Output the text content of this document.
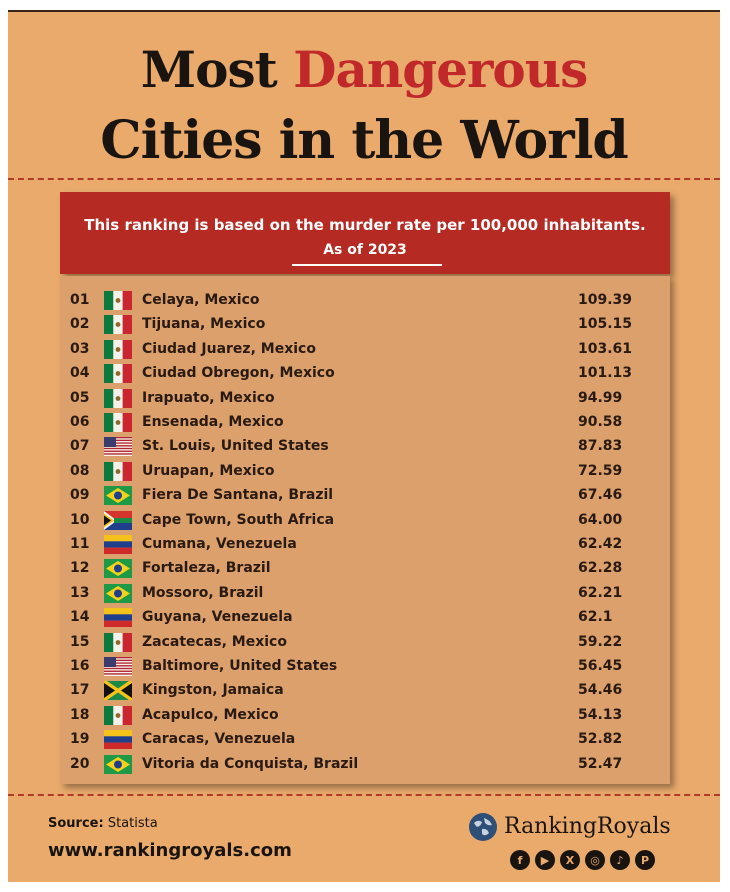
Most Dangerous
Cities in the World
This ranking is based on the murder rate per 100,000 inhabitants.
As of 2023
01	Celaya, Mexico	109.39
02	Tijuana, Mexico	105.15
03	Ciudad Juarez, Mexico	103.61
04	Ciudad Obregon, Mexico	101.13
05	Irapuato, Mexico	94.99
06	Ensenada, Mexico	90.58
07	St. Louis, United States	87.83
08	Uruapan, Mexico	72.59
09	Fiera De Santana, Brazil	67.46
10	Cape Town, South Africa	64.00
11	Cumana, Venezuela	62.42
12	Fortaleza, Brazil	62.28
13	Mossoro, Brazil	62.21
14	Guyana, Venezuela	62.1
15	Zacatecas, Mexico	59.22
16	Baltimore, United States	56.45
17	Kingston, Jamaica	54.46
18	Acapulco, Mexico	54.13
19	Caracas, Venezuela	52.82
20	Vitoria da Conquista, Brazil	52.47
Source: Statista
www.rankingroyals.com
RankingRoyals
f	▶	X	◎	♪	P
